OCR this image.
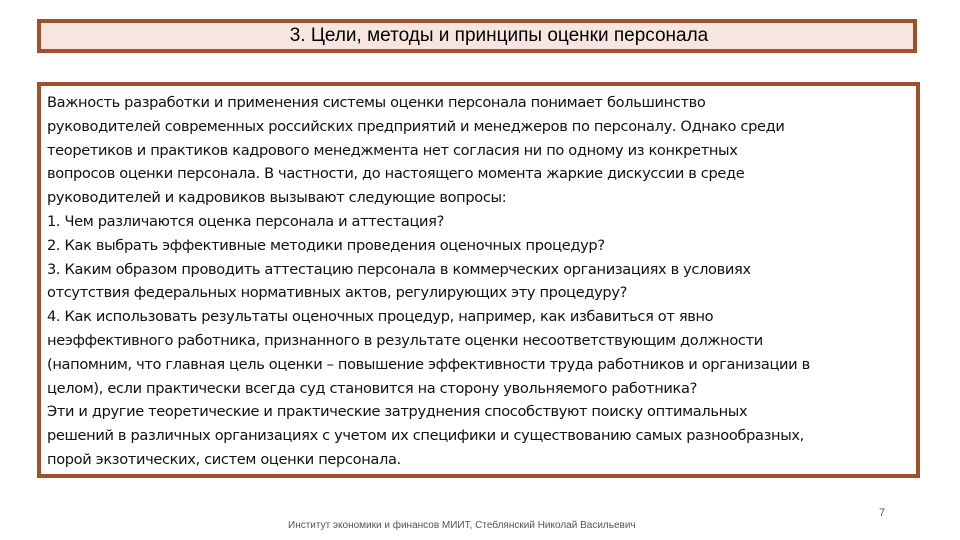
3. Цели, методы и принципы оценки персонала
Важность разработки и применения системы оценки персонала понимает большинство
руководителей современных российских предприятий и менеджеров по персоналу. Однако среди
теоретиков и практиков кадрового менеджмента нет согласия ни по одному из конкретных
вопросов оценки персонала. В частности, до настоящего момента жаркие дискуссии в среде
руководителей и кадровиков вызывают следующие вопросы:
1. Чем различаются оценка персонала и аттестация?
2. Как выбрать эффективные методики проведения оценочных процедур?
3. Каким образом проводить аттестацию персонала в коммерческих организациях в условиях
отсутствия федеральных нормативных актов, регулирующих эту процедуру?
4. Как использовать результаты оценочных процедур, например, как избавиться от явно
неэффективного работника, признанного в результате оценки несоответствующим должности
(напомним, что главная цель оценки – повышение эффективности труда работников и организации в
целом), если практически всегда суд становится на сторону увольняемого работника?
Эти и другие теоретические и практические затруднения способствуют поиску оптимальных
решений в различных организациях с учетом их специфики и существованию самых разнообразных,
порой экзотических, систем оценки персонала.
Институт экономики и финансов МИИТ, Стеблянский Николай Васильевич
7
